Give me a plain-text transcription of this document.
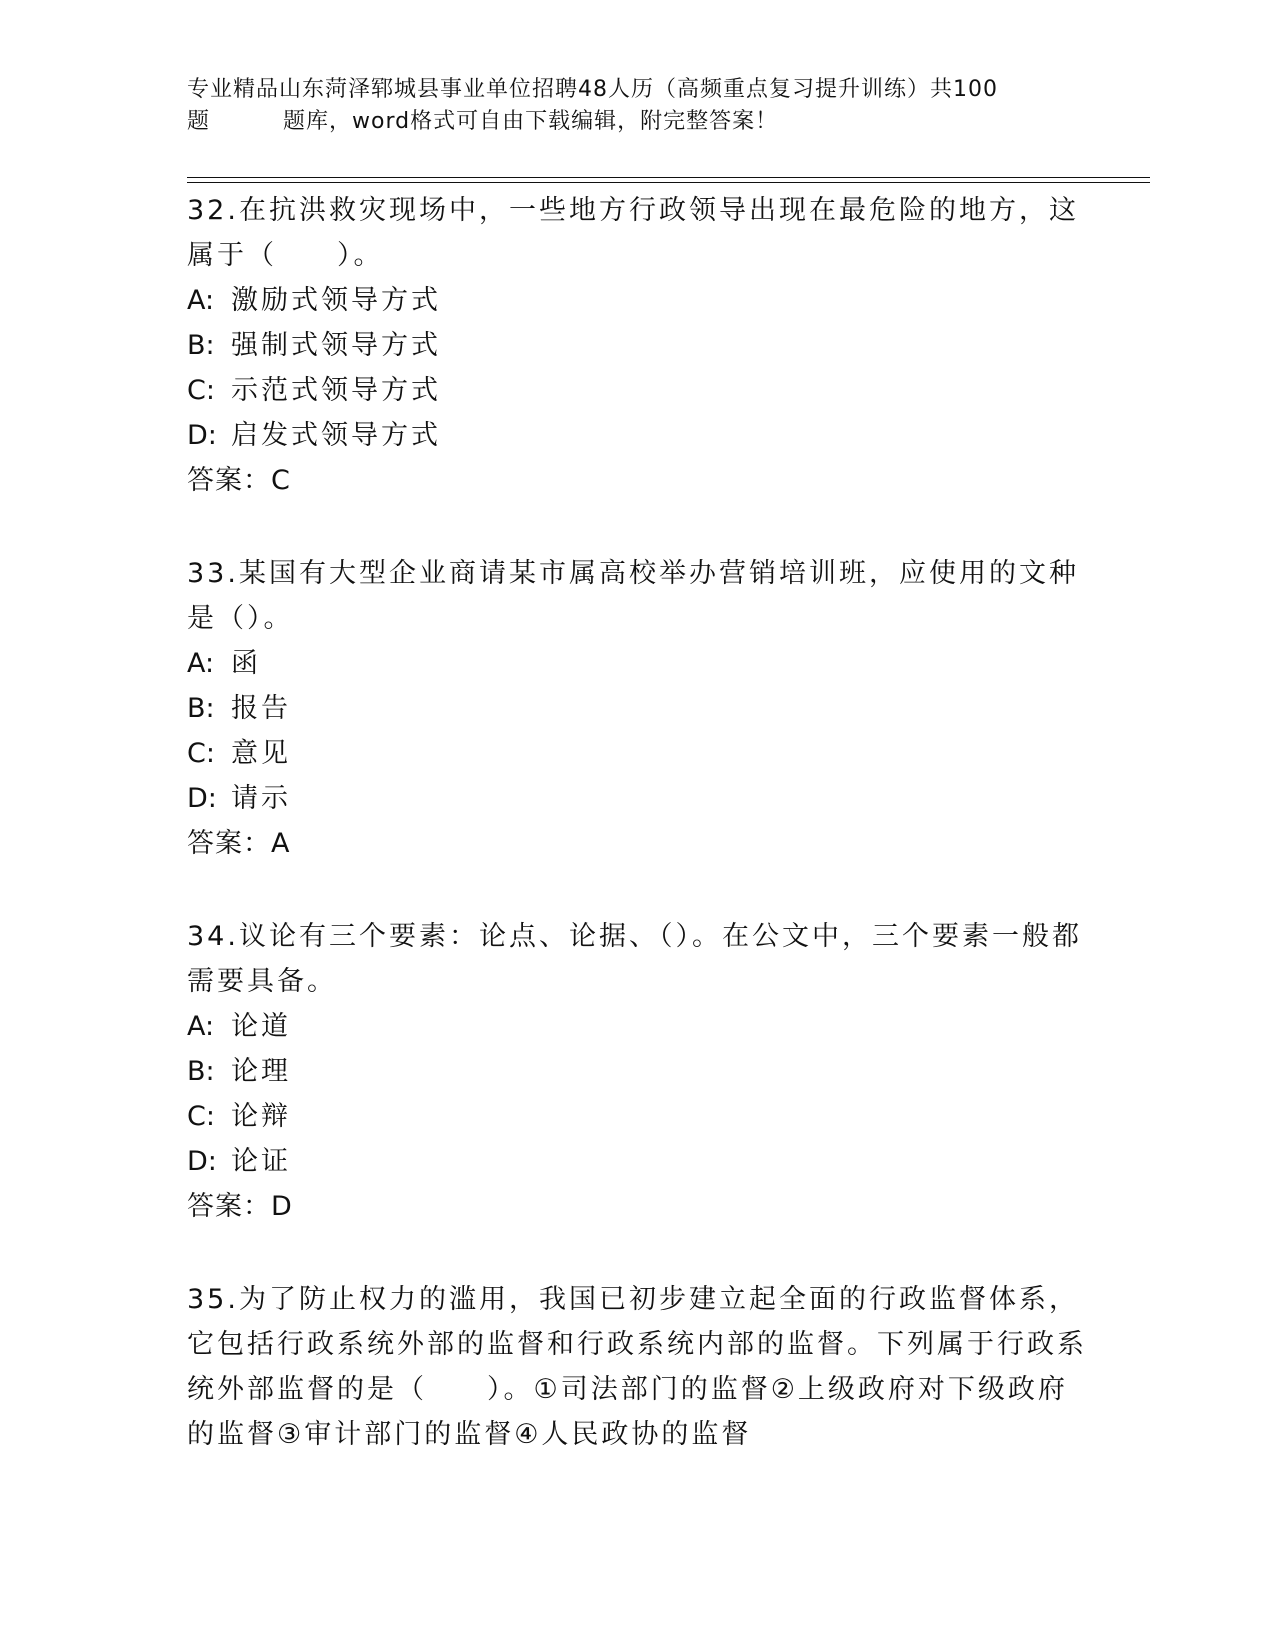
专业精品山东菏泽郓城县事业单位招聘48人历（高频重点复习提升训练）共100
题	题库，word格式可自由下载编辑，附完整答案！

32.在抗洪救灾现场中，一些地方行政领导出现在最危险的地方，这属于（　　）。

A: 激励式领导方式

B: 强制式领导方式

C: 示范式领导方式

D: 启发式领导方式

答案：C

33.某国有大型企业商请某市属高校举办营销培训班，应使用的文种是（）。

A: 函

B: 报告

C: 意见

D: 请示

答案：A

34.议论有三个要素：论点、论据、（）。在公文中，三个要素一般都需要具备。

A: 论道

B: 论理

C: 论辩

D: 论证

答案：D

35.为了防止权力的滥用，我国已初步建立起全面的行政监督体系，它包括行政系统外部的监督和行政系统内部的监督。下列属于行政系统外部监督的是（　　）。①司法部门的监督②上级政府对下级政府的监督③审计部门的监督④人民政协的监督
